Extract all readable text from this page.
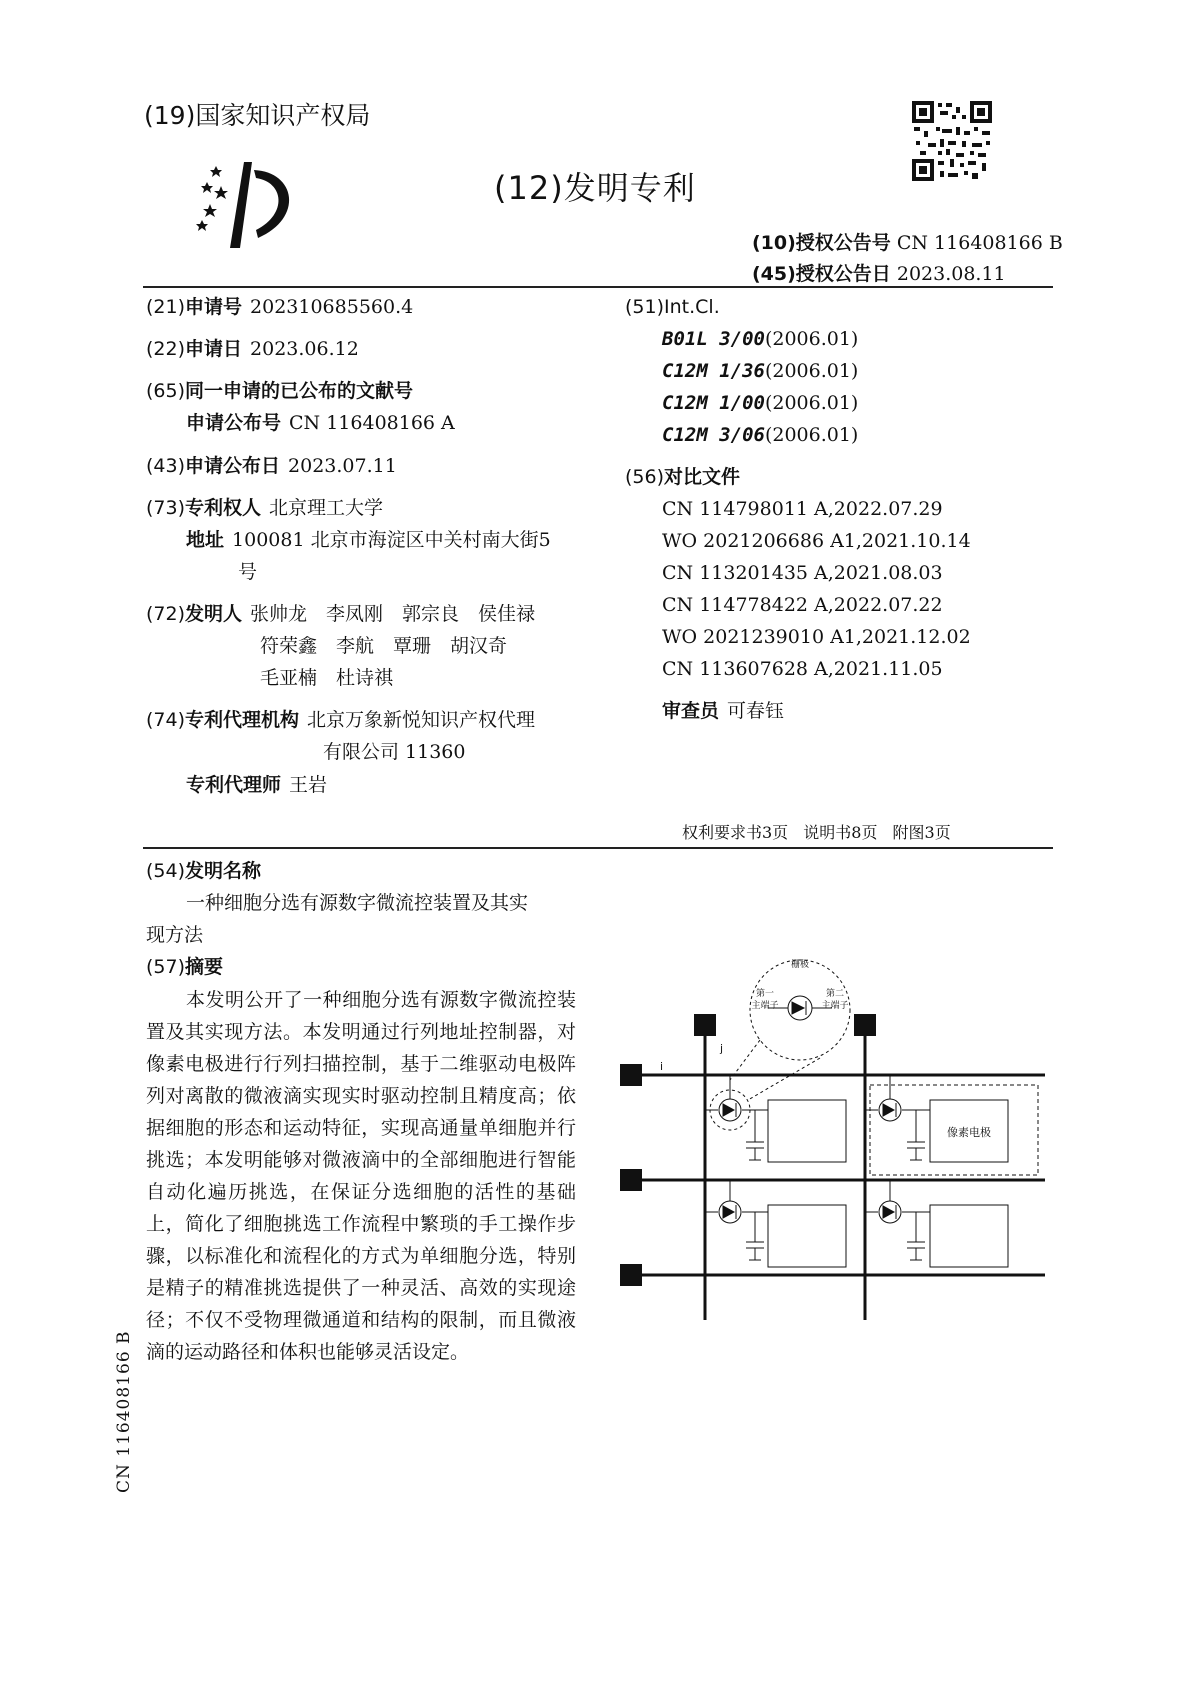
(19)国家知识产权局
(12)发明专利
(10)授权公告号 CN 116408166 B
(45)授权公告日 2023.08.11
(21)申请号 202310685560.4
(22)申请日 2023.06.12
(65)同一申请的已公布的文献号
申请公布号 CN 116408166 A
(43)申请公布日 2023.07.11
(73)专利权人 北京理工大学
地址 100081 北京市海淀区中关村南大街5
号
(72)发明人 张帅龙　李凤刚　郭宗良　侯佳禄
符荣鑫　李航　覃珊　胡汉奇
毛亚楠　杜诗祺
(74)专利代理机构 北京万象新悦知识产权代理
有限公司 11360
专利代理师 王岩
(51)Int.Cl.
B01L 3/00(2006.01)
C12M 1/36(2006.01)
C12M 1/00(2006.01)
C12M 3/06(2006.01)
(56)对比文件
CN 114798011 A,2022.07.29
WO 2021206686 A1,2021.10.14
CN 113201435 A,2021.08.03
CN 114778422 A,2022.07.22
WO 2021239010 A1,2021.12.02
CN 113607628 A,2021.11.05
审查员 可春钰
权利要求书3页 说明书8页 附图3页
(54)发明名称
一种细胞分选有源数字微流控装置及其实
现方法
(57)摘要
本发明公开了一种细胞分选有源数字微流控装置及其实现方法。本发明通过行列地址控制器，对像素电极进行行列扫描控制，基于二维驱动电极阵列对离散的微液滴实现实时驱动控制且精度高；依据细胞的形态和运动特征，实现高通量单细胞并行挑选；本发明能够对微液滴中的全部细胞进行智能自动化遍历挑选，在保证分选细胞的活性的基础上，简化了细胞挑选工作流程中繁琐的手工操作步骤，以标准化和流程化的方式为单细胞分选，特别是精子的精准挑选提供了一种灵活、高效的实现途径；不仅不受物理微通道和结构的限制，而且微液滴的运动路径和体积也能够灵活设定。
栅极
第一
主端子
第二
主端子
i
j
像素电极
CN 116408166 B
